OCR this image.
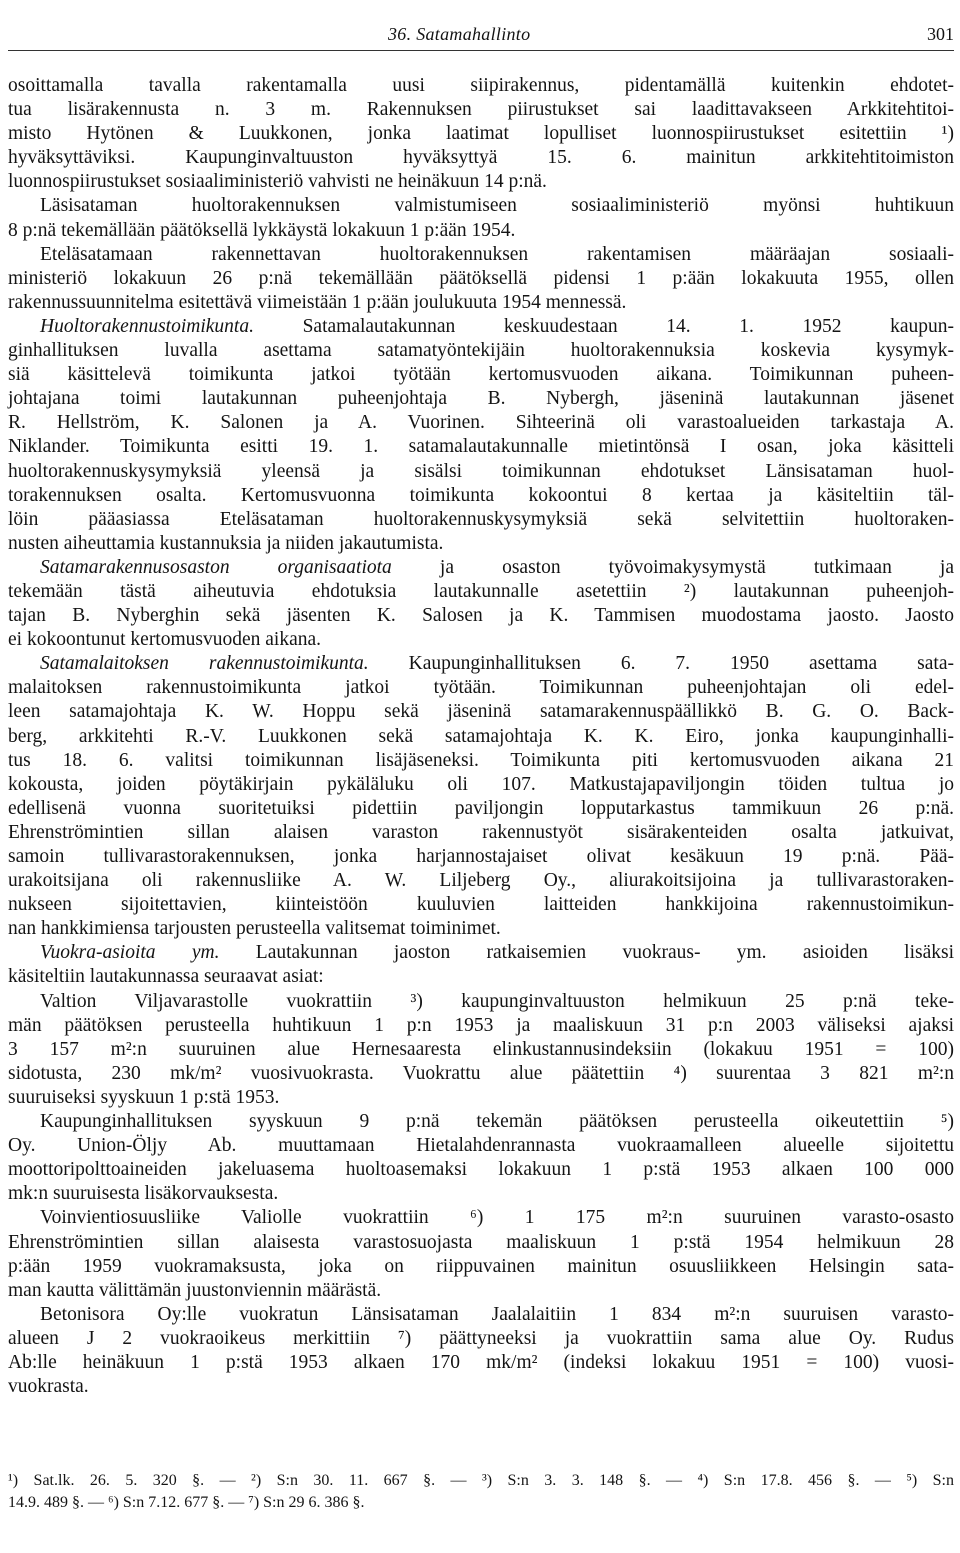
36. Satamahallinto	301
osoittamalla tavalla rakentamalla uusi siipirakennus, pidentamällä kuitenkin ehdotet-
tua lisärakennusta n. 3 m. Rakennuksen piirustukset sai laadittavakseen Arkkitehtitoi-
misto Hytönen & Luukkonen, jonka laatimat lopulliset luonnospiirustukset esitettiin ¹)
hyväksyttäviksi. Kaupunginvaltuuston hyväksyttyä 15. 6. mainitun arkkitehtitoimiston
luonnospiirustukset sosiaaliministeriö vahvisti ne heinäkuun 14 p:nä.
Läsisataman huoltorakennuksen valmistumiseen sosiaaliministeriö myönsi huhtikuun
8 p:nä tekemällään päätöksellä lykkäystä lokakuun 1 p:ään 1954.
Eteläsatamaan rakennettavan huoltorakennuksen rakentamisen määräajan sosiaali-
ministeriö lokakuun 26 p:nä tekemällään päätöksellä pidensi 1 p:ään lokakuuta 1955, ollen
rakennussuunnitelma esitettävä viimeistään 1 p:ään joulukuuta 1954 mennessä.
Huoltorakennustoimikunta. Satamalautakunnan keskuudestaan 14. 1. 1952 kaupun-
ginhallituksen luvalla asettama satamatyöntekijäin huoltorakennuksia koskevia kysymyk-
siä käsittelevä toimikunta jatkoi työtään kertomusvuoden aikana. Toimikunnan puheen-
johtajana toimi lautakunnan puheenjohtaja B. Nybergh, jäseninä lautakunnan jäsenet
R. Hellström, K. Salonen ja A. Vuorinen. Sihteerinä oli varastoalueiden tarkastaja A.
Niklander. Toimikunta esitti 19. 1. satamalautakunnalle mietintönsä I osan, joka käsitteli
huoltorakennuskysymyksiä yleensä ja sisälsi toimikunnan ehdotukset Länsisataman huol-
torakennuksen osalta. Kertomusvuonna toimikunta kokoontui 8 kertaa ja käsiteltiin täl-
löin pääasiassa Eteläsataman huoltorakennuskysymyksiä sekä selvitettiin huoltoraken-
nusten aiheuttamia kustannuksia ja niiden jakautumista.
Satamarakennusosaston organisaatiota ja osaston työvoimakysymystä tutkimaan ja
tekemään tästä aiheutuvia ehdotuksia lautakunnalle asetettiin ²) lautakunnan puheenjoh-
tajan B. Nyberghin sekä jäsenten K. Salosen ja K. Tammisen muodostama jaosto. Jaosto
ei kokoontunut kertomusvuoden aikana.
Satamalaitoksen rakennustoimikunta. Kaupunginhallituksen 6. 7. 1950 asettama sata-
malaitoksen rakennustoimikunta jatkoi työtään. Toimikunnan puheenjohtajan oli edel-
leen satamajohtaja K. W. Hoppu sekä jäseninä satamarakennuspäällikkö B. G. O. Back-
berg, arkkitehti R.-V. Luukkonen sekä satamajohtaja K. K. Eiro, jonka kaupunginhalli-
tus 18. 6. valitsi toimikunnan lisäjäseneksi. Toimikunta piti kertomusvuoden aikana 21
kokousta, joiden pöytäkirjain pykäläluku oli 107. Matkustajapaviljongin töiden tultua jo
edellisenä vuonna suoritetuiksi pidettiin paviljongin lopputarkastus tammikuun 26 p:nä.
Ehrenströmintien sillan alaisen varaston rakennustyöt sisärakenteiden osalta jatkuivat,
samoin tullivarastorakennuksen, jonka harjannostajaiset olivat kesäkuun 19 p:nä. Pää-
urakoitsijana oli rakennusliike A. W. Liljeberg Oy., aliurakoitsijoina ja tullivarastoraken-
nukseen sijoitettavien, kiinteistöön kuuluvien laitteiden hankkijoina rakennustoimikun-
nan hankkimiensa tarjousten perusteella valitsemat toiminimet.
Vuokra-asioita ym. Lautakunnan jaoston ratkaisemien vuokraus- ym. asioiden lisäksi
käsiteltiin lautakunnassa seuraavat asiat:
Valtion Viljavarastolle vuokrattiin ³) kaupunginvaltuuston helmikuun 25 p:nä teke-
män päätöksen perusteella huhtikuun 1 p:n 1953 ja maaliskuun 31 p:n 2003 väliseksi ajaksi
3 157 m²:n suuruinen alue Hernesaaresta elinkustannusindeksiin (lokakuu 1951 = 100)
sidotusta, 230 mk/m² vuosivuokrasta. Vuokrattu alue päätettiin ⁴) suurentaa 3 821 m²:n
suuruiseksi syyskuun 1 p:stä 1953.
Kaupunginhallituksen syyskuun 9 p:nä tekemän päätöksen perusteella oikeutettiin ⁵)
Oy. Union-Öljy Ab. muuttamaan Hietalahdenrannasta vuokraamalleen alueelle sijoitettu
moottoripolttoaineiden jakeluasema huoltoasemaksi lokakuun 1 p:stä 1953 alkaen 100 000
mk:n suuruisesta lisäkorvauksesta.
Voinvientiosuusliike Valiolle vuokrattiin ⁶) 1 175 m²:n suuruinen varasto-osasto
Ehrenströmintien sillan alaisesta varastosuojasta maaliskuun 1 p:stä 1954 helmikuun 28
p:ään 1959 vuokramaksusta, joka on riippuvainen mainitun osuusliikkeen Helsingin sata-
man kautta välittämän juustonviennin määrästä.
Betonisora Oy:lle vuokratun Länsisataman Jaalalaitiin 1 834 m²:n suuruisen varasto-
alueen J 2 vuokraoikeus merkittiin ⁷) päättyneeksi ja vuokrattiin sama alue Oy. Rudus
Ab:lle heinäkuun 1 p:stä 1953 alkaen 170 mk/m² (indeksi lokakuu 1951 = 100) vuosi-
vuokrasta.
¹) Sat.lk. 26. 5. 320 §. — ²) S:n 30. 11. 667 §. — ³) S:n 3. 3. 148 §. — ⁴) S:n 17.8. 456 §. — ⁵) S:n
14.9. 489 §. — ⁶) S:n 7.12. 677 §. — ⁷) S:n 29 6. 386 §.
